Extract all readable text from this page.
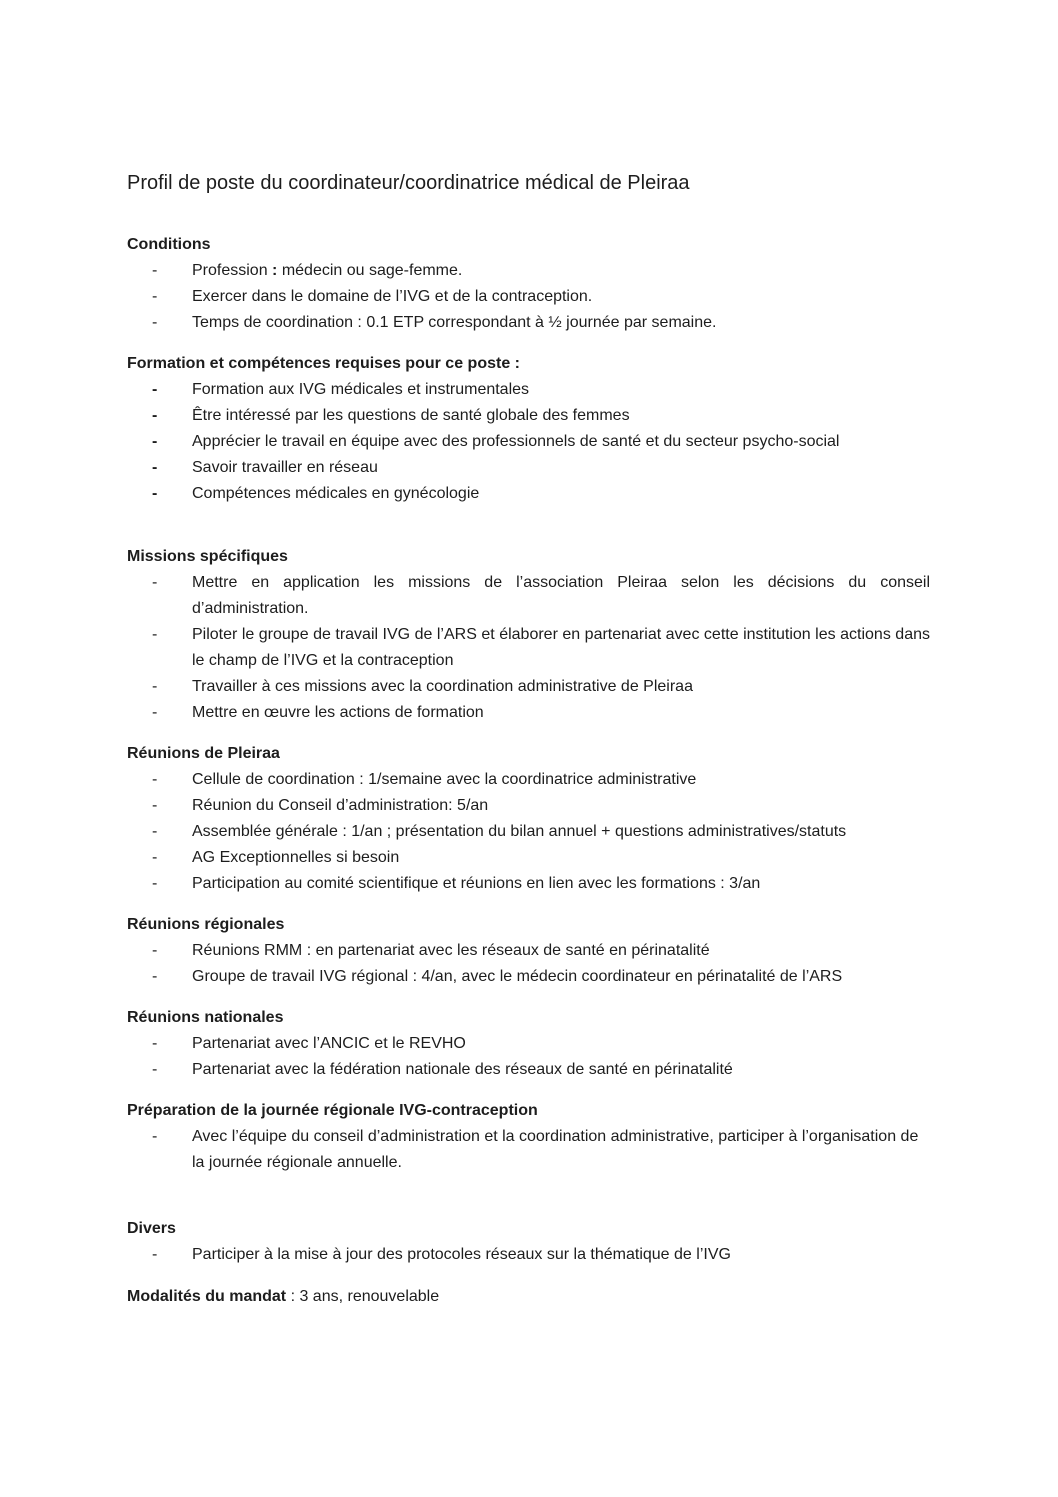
Profil de poste du coordinateur/coordinatrice médical de Pleiraa
Conditions
- Profession : médecin ou sage-femme.
- Exercer dans le domaine de l’IVG et de la contraception.
- Temps de coordination : 0.1 ETP correspondant à ½ journée par semaine.
Formation et compétences requises pour ce poste :
- Formation aux IVG médicales et instrumentales
- Être intéressé par les questions de santé globale des femmes
- Apprécier le travail en équipe avec des professionnels de santé et du secteur psycho-social
- Savoir travailler en réseau
- Compétences médicales en gynécologie
Missions spécifiques
- Mettre en application les missions de l’association Pleiraa selon les décisions du conseil d’administration.
- Piloter le groupe de travail IVG de l’ARS et élaborer en partenariat avec cette institution les actions dans le champ de l’IVG et la contraception
- Travailler à ces missions avec la coordination administrative de Pleiraa
- Mettre en œuvre les actions de formation
Réunions de Pleiraa
- Cellule de coordination : 1/semaine avec la coordinatrice administrative
- Réunion du Conseil d’administration: 5/an
- Assemblée générale : 1/an ; présentation du bilan annuel + questions administratives/statuts
- AG Exceptionnelles si besoin
- Participation au comité scientifique et réunions en lien avec les formations : 3/an
Réunions régionales
- Réunions RMM : en partenariat avec les réseaux de santé en périnatalité
- Groupe de travail IVG régional : 4/an, avec le médecin coordinateur en périnatalité de l’ARS
Réunions nationales
- Partenariat avec l’ANCIC et le REVHO
- Partenariat avec la fédération nationale des réseaux de santé en périnatalité
Préparation de la journée régionale IVG-contraception
- Avec l’équipe du conseil d’administration et la coordination administrative, participer à l’organisation de la journée régionale annuelle.
Divers
- Participer à la mise à jour des protocoles réseaux sur la thématique de l’IVG

Modalités du mandat : 3 ans, renouvelable
